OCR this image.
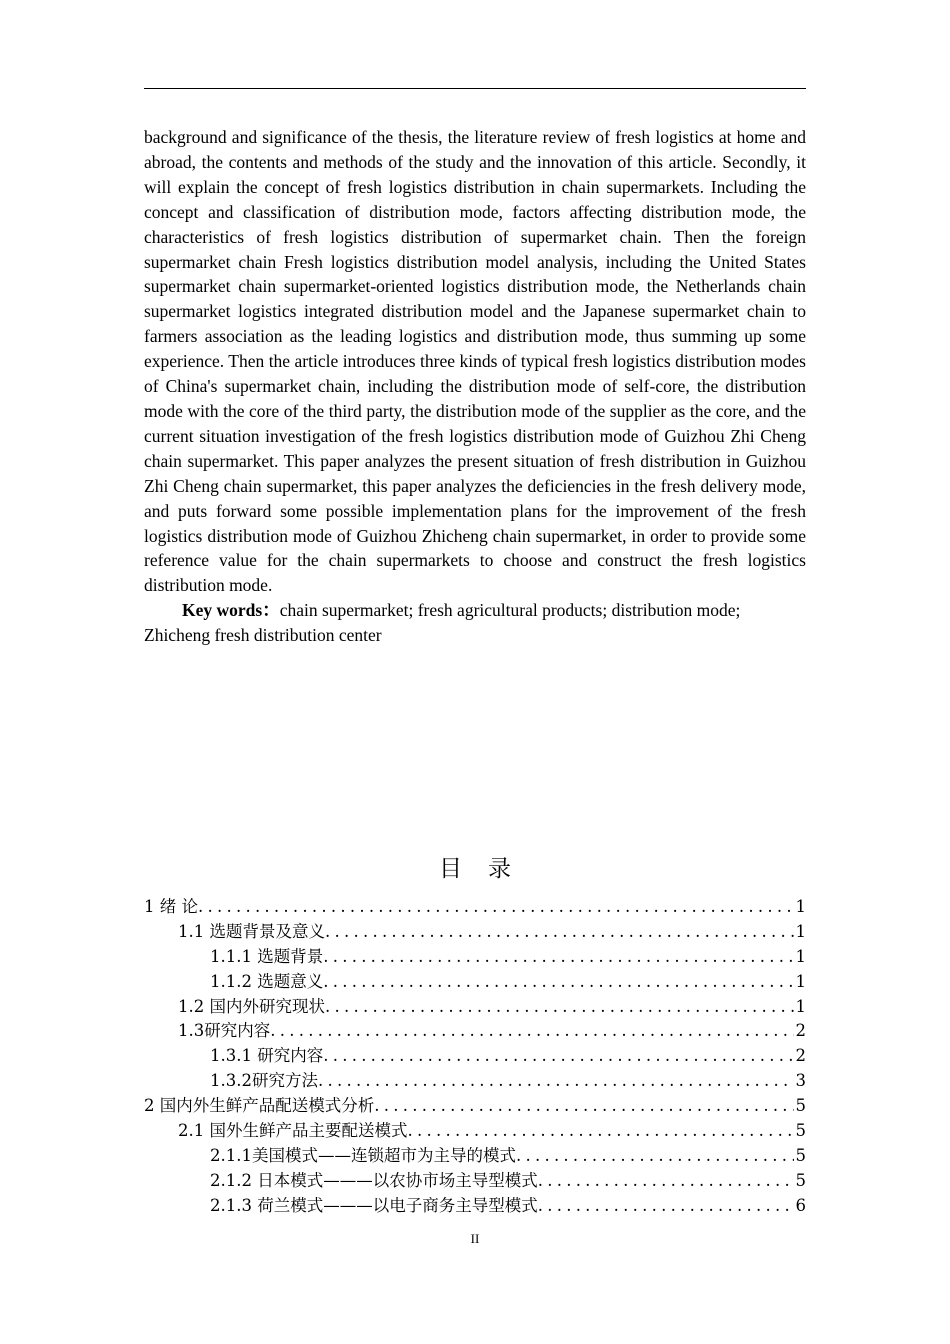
background and significance of the thesis, the literature review of fresh logistics at home and abroad, the contents and methods of the study and the innovation of this article. Secondly, it will explain the concept of fresh logistics distribution in chain supermarkets. Including the concept and classification of distribution mode, factors affecting distribution mode, the characteristics of fresh logistics distribution of supermarket chain. Then the foreign supermarket chain Fresh logistics distribution model analysis, including the United States supermarket chain supermarket-oriented logistics distribution mode, the Netherlands chain supermarket logistics integrated distribution model and the Japanese supermarket chain to farmers association as the leading logistics and distribution mode, thus summing up some experience. Then the article introduces three kinds of typical fresh logistics distribution modes of China's supermarket chain, including the distribution mode of self-core, the distribution mode with the core of the third party, the distribution mode of the supplier as the core, and the current situation investigation of the fresh logistics distribution mode of Guizhou Zhi Cheng chain supermarket. This paper analyzes the present situation of fresh distribution in Guizhou Zhi Cheng chain supermarket, this paper analyzes the deficiencies in the fresh delivery mode, and puts forward some possible implementation plans for the improvement of the fresh logistics distribution mode of Guizhou Zhicheng chain supermarket, in order to provide some reference value for the chain supermarkets to choose and construct the fresh logistics distribution mode.

Key words：chain supermarket; fresh agricultural products; distribution mode; Zhicheng fresh distribution center

目录
1 绪 论 . . .	1
1.1 选题背景及意义 . . .	1
1.1.1 选题背景 . . .	1
1.1.2 选题意义 . . .	1
1.2 国内外研究现状 . . .	1
1.3研究内容 . . .	2
1.3.1 研究内容 . . .	2
1.3.2研究方法 . . .	3
2 国内外生鲜产品配送模式分析 . . .	5
2.1 国外生鲜产品主要配送模式 . . .	5
2.1.1美国模式——连锁超市为主导的模式 . . .	5
2.1.2 日本模式———以农协市场主导型模式 . . .	5
2.1.3 荷兰模式———以电子商务主导型模式 . . .	6
II
